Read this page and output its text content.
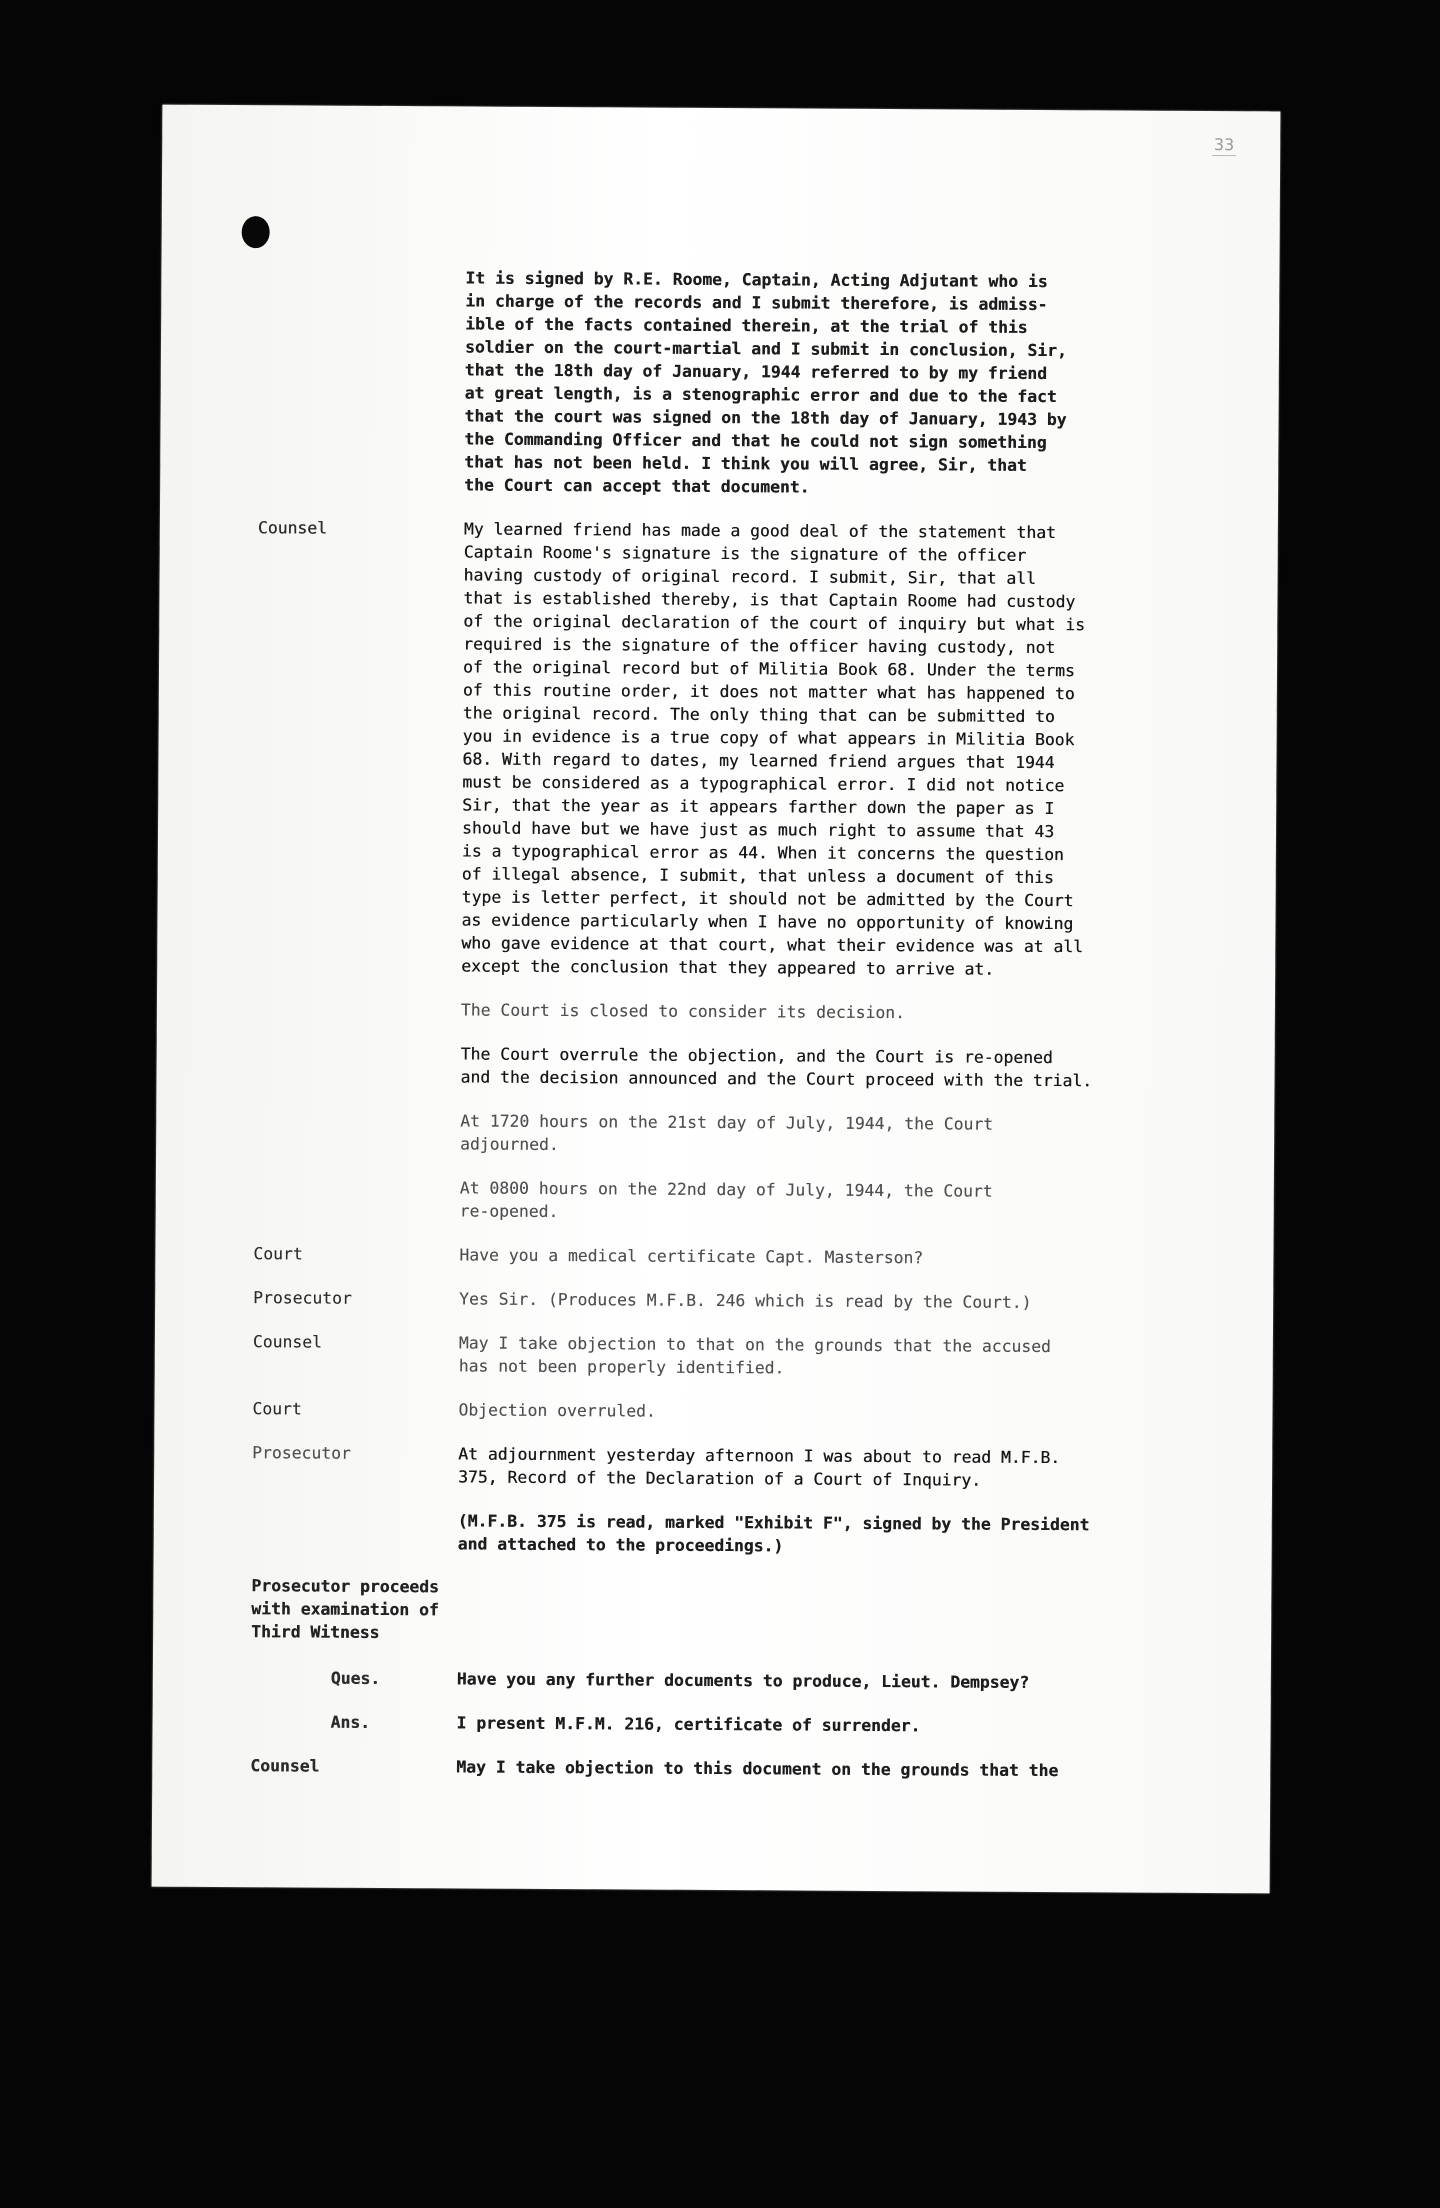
33
It is signed by R.E. Roome, Captain, Acting Adjutant who is
in charge of the records and I submit therefore, is admiss-
ible of the facts contained therein, at the trial of this
soldier on the court-martial and I submit in conclusion, Sir,
that the 18th day of January, 1944 referred to by my friend
at great length, is a stenographic error and due to the fact
that the court was signed on the 18th day of January, 1943 by
the Commanding Officer and that he could not sign something
that has not been held. I think you will agree, Sir, that
the Court can accept that document.
Counsel	My learned friend has made a good deal of the statement that
Captain Roome's signature is the signature of the officer
having custody of original record. I submit, Sir, that all
that is established thereby, is that Captain Roome had custody
of the original declaration of the court of inquiry but what is
required is the signature of the officer having custody, not
of the original record but of Militia Book 68. Under the terms
of this routine order, it does not matter what has happened to
the original record. The only thing that can be submitted to
you in evidence is a true copy of what appears in Militia Book
68. With regard to dates, my learned friend argues that 1944
must be considered as a typographical error. I did not notice
Sir, that the year as it appears farther down the paper as I
should have but we have just as much right to assume that 43
is a typographical error as 44. When it concerns the question
of illegal absence, I submit, that unless a document of this
type is letter perfect, it should not be admitted by the Court
as evidence particularly when I have no opportunity of knowing
who gave evidence at that court, what their evidence was at all
except the conclusion that they appeared to arrive at.
The Court is closed to consider its decision.
The Court overrule the objection, and the Court is re-opened
and the decision announced and the Court proceed with the trial.
At 1720 hours on the 21st day of July, 1944, the Court
adjourned.
At 0800 hours on the 22nd day of July, 1944, the Court
re-opened.
Court	Have you a medical certificate Capt. Masterson?
Prosecutor	Yes Sir. (Produces M.F.B. 246 which is read by the Court.)
Counsel	May I take objection to that on the grounds that the accused
has not been properly identified.
Court	Objection overruled.
Prosecutor	At adjournment yesterday afternoon I was about to read M.F.B.
375, Record of the Declaration of a Court of Inquiry.
(M.F.B. 375 is read, marked "Exhibit F", signed by the President
and attached to the proceedings.)
Prosecutor proceeds
with examination of
Third Witness
Ques.	Have you any further documents to produce, Lieut. Dempsey?
Ans.	I present M.F.M. 216, certificate of surrender.
Counsel	May I take objection to this document on the grounds that the
